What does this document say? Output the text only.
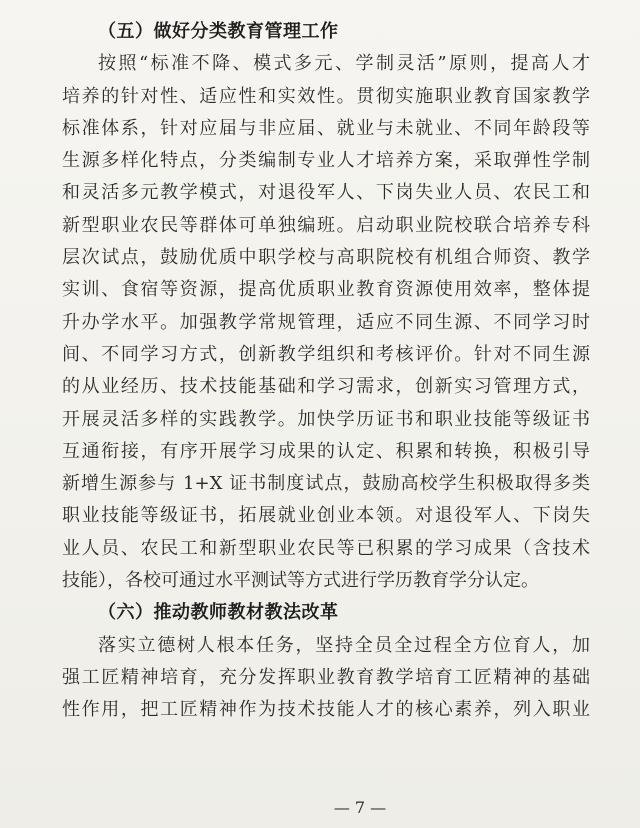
（五）做好分类教育管理工作
按照“标准不降、模式多元、学制灵活”原则，提高人才
培养的针对性、适应性和实效性。贯彻实施职业教育国家教学
标准体系，针对应届与非应届、就业与未就业、不同年龄段等
生源多样化特点，分类编制专业人才培养方案，采取弹性学制
和灵活多元教学模式，对退役军人、下岗失业人员、农民工和
新型职业农民等群体可单独编班。启动职业院校联合培养专科
层次试点，鼓励优质中职学校与高职院校有机组合师资、教学
实训、食宿等资源，提高优质职业教育资源使用效率，整体提
升办学水平。加强教学常规管理，适应不同生源、不同学习时
间、不同学习方式，创新教学组织和考核评价。针对不同生源
的从业经历、技术技能基础和学习需求，创新实习管理方式，
开展灵活多样的实践教学。加快学历证书和职业技能等级证书
互通衔接，有序开展学习成果的认定、积累和转换，积极引导
新增生源参与 1+X 证书制度试点，鼓励高校学生积极取得多类
职业技能等级证书，拓展就业创业本领。对退役军人、下岗失
业人员、农民工和新型职业农民等已积累的学习成果（含技术
技能），各校可通过水平测试等方式进行学历教育学分认定。
（六）推动教师教材教法改革
落实立德树人根本任务，坚持全员全过程全方位育人，加
强工匠精神培育，充分发挥职业教育教学培育工匠精神的基础
性作用，把工匠精神作为技术技能人才的核心素养，列入职业
— 7 —
